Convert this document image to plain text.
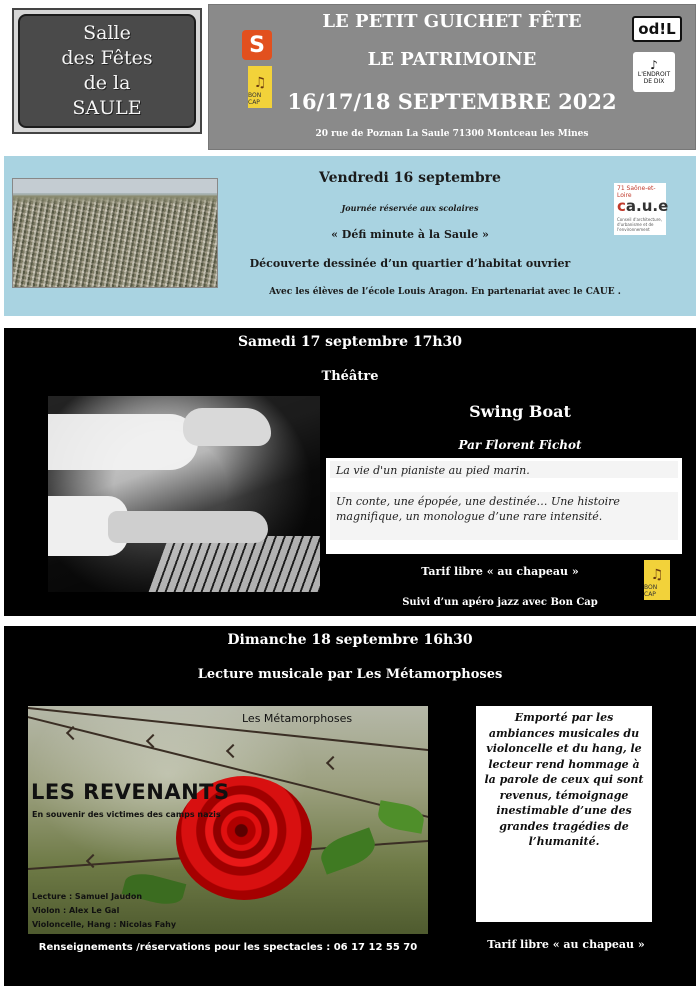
Salle
des Fêtes
de la
SAULE
LE PETIT GUICHET FÊTE
LE PATRIMOINE
16/17/18 SEPTEMBRE 2022
20 rue de Poznan La Saule 71300 Montceau les Mines
S
♫
BON CAP
od!L
♪
L'ENDROIT DE DIX
71 Saône-et-Loire
ca.u.e
Conseil d'architecture, d'urbanisme et de l'environnement
Vendredi 16 septembre
Journée réservée aux scolaires
« Défi minute à la Saule »
Découverte dessinée d’un quartier d’habitat ouvrier
Avec les élèves de l’école Louis Aragon. En partenariat avec le CAUE .
Samedi 17 septembre 17h30
Théâtre
Swing Boat
Par Florent Fichot

La vie d'un pianiste au pied marin.

Un conte, une épopée, une destinée… Une histoire magnifique, un monologue d’une rare intensité.

Tarif libre « au chapeau »
Suivi d’un apéro jazz avec Bon Cap
♫
BON CAP
Dimanche 18 septembre 16h30
Lecture musicale par Les Métamorphoses
Les Métamorphoses
LES REVENANTS
En souvenir des victimes des camps nazis
Lecture : Samuel Jaudon
Violon : Alex Le Gal
Violoncelle, Hang : Nicolas Fahy
Emporté par les ambiances musicales du violoncelle et du hang, le lecteur rend hommage à la parole de ceux qui sont revenus, témoignage inestimable d’une des grandes tragédies de l’humanité.
Tarif libre « au chapeau »
Renseignements /réservations pour les spectacles : 06 17 12 55 70
